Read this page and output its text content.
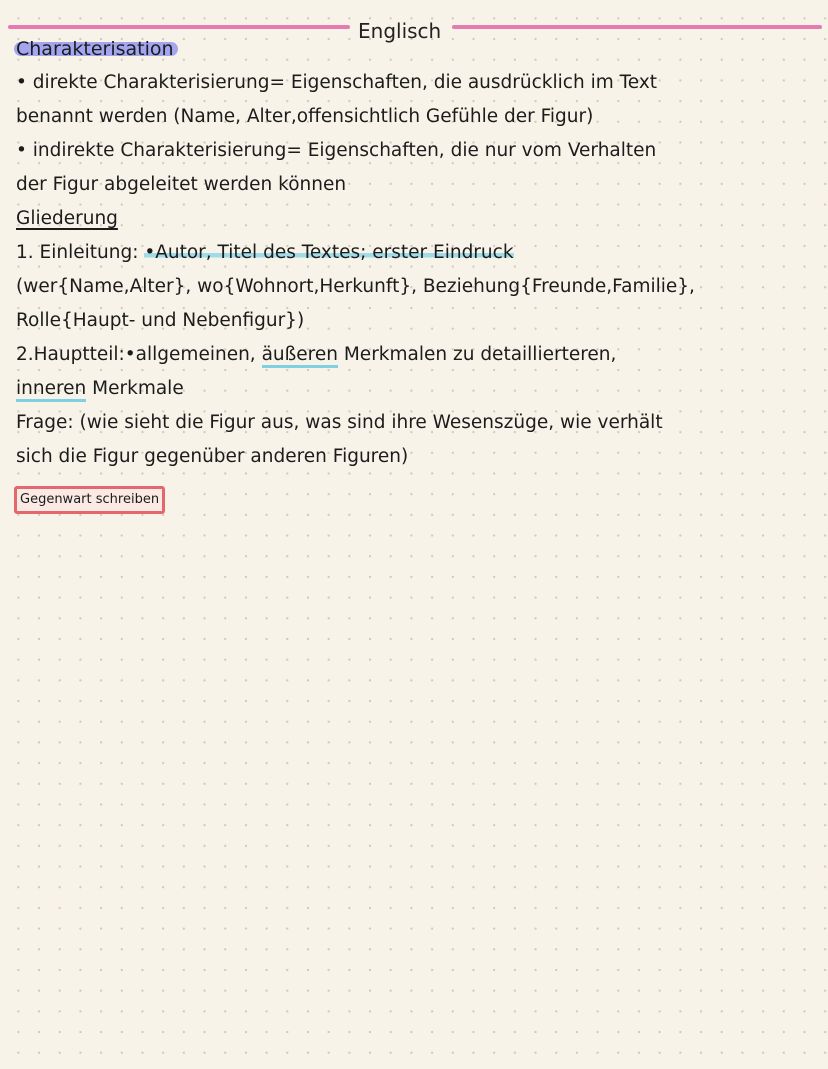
Englisch
Charakterisation
• direkte Charakterisierung= Eigenschaften, die ausdrücklich im Text
benannt werden (Name, Alter,offensichtlich Gefühle der Figur)
• indirekte Charakterisierung= Eigenschaften, die nur vom Verhalten
der Figur abgeleitet werden können
Gliederung
1. Einleitung: •Autor, Titel des Textes; erster Eindruck
(wer{Name,Alter}, wo{Wohnort,Herkunft}, Beziehung{Freunde,Familie},
Rolle{Haupt- und Nebenfigur})
2.Hauptteil:•allgemeinen, äußeren Merkmalen zu detaillierteren,
inneren Merkmale
Frage: (wie sieht die Figur aus, was sind ihre Wesenszüge, wie verhält
sich die Figur gegenüber anderen Figuren)
Gegenwart schreiben
